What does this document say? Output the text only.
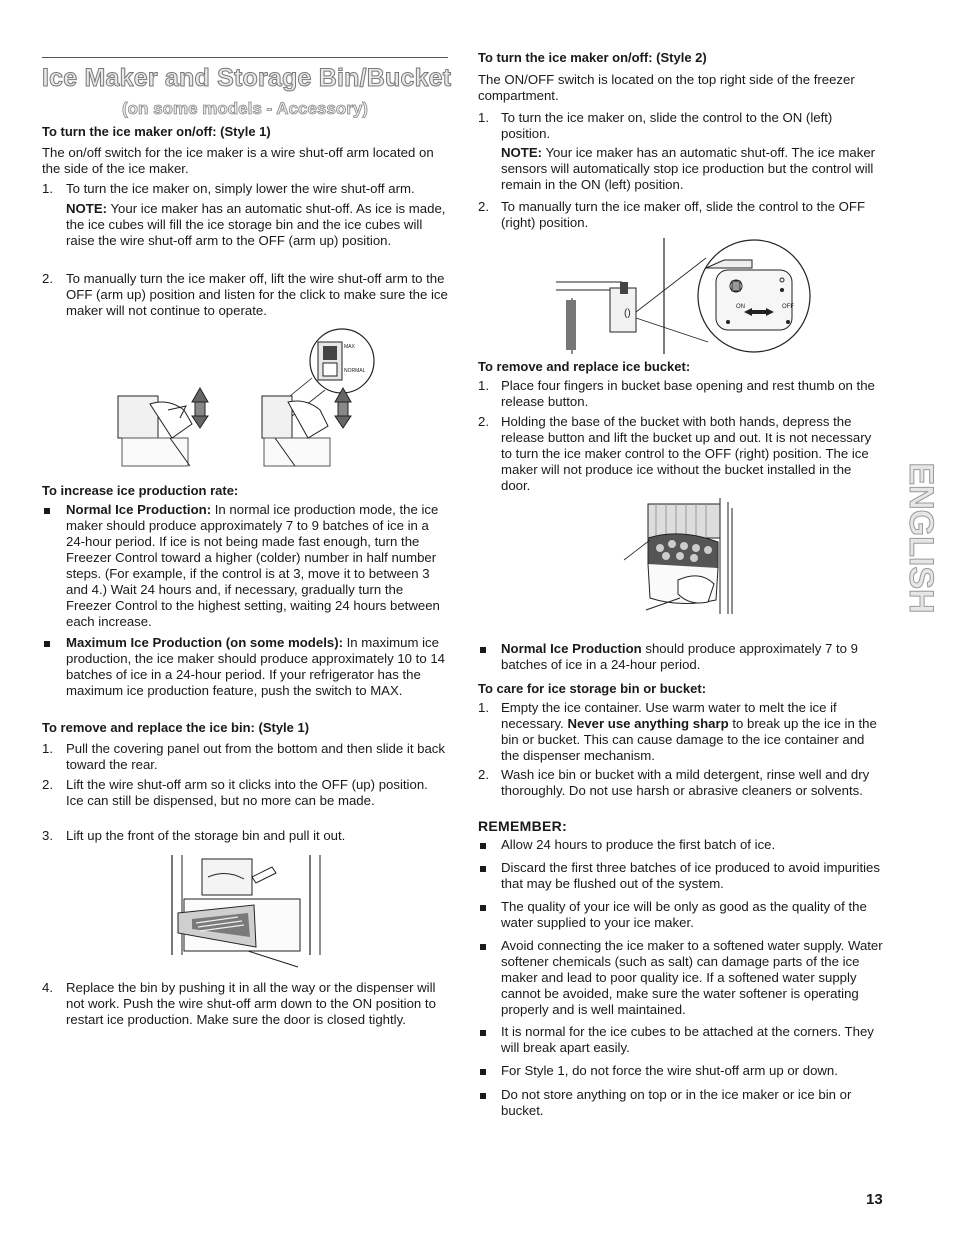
Ice Maker and Storage Bin/Bucket
(on some models - Accessory)
To turn the ice maker on/off: (Style 1)
The on/off switch for the ice maker is a wire shut-off arm located on the side of the ice maker.
1. To turn the ice maker on, simply lower the wire shut-off arm.
NOTE: Your ice maker has an automatic shut-off. As ice is made, the ice cubes will fill the ice storage bin and the ice cubes will raise the wire shut-off arm to the OFF (arm up) position.
2. To manually turn the ice maker off, lift the wire shut-off arm to the OFF (arm up) position and listen for the click to make sure the ice maker will not continue to operate.
MAX
NORMAL
To increase ice production rate:
Normal Ice Production: In normal ice production mode, the ice maker should produce approximately 7 to 9 batches of ice in a 24-hour period. If ice is not being made fast enough, turn the Freezer Control toward a higher (colder) number in half number steps. (For example, if the control is at 3, move it to between 3 and 4.) Wait 24 hours and, if necessary, gradually turn the Freezer Control to the highest setting, waiting 24 hours between each increase.
Maximum Ice Production (on some models): In maximum ice production, the ice maker should produce approximately 10 to 14 batches of ice in a 24-hour period. If your refrigerator has the maximum ice production feature, push the switch to MAX.
To remove and replace the ice bin: (Style 1)
1. Pull the covering panel out from the bottom and then slide it back toward the rear.
2. Lift the wire shut-off arm so it clicks into the OFF (up) position. Ice can still be dispensed, but no more can be made.
3. Lift up the front of the storage bin and pull it out.
4. Replace the bin by pushing it in all the way or the dispenser will not work. Push the wire shut-off arm down to the ON position to restart ice production. Make sure the door is closed tightly.
To turn the ice maker on/off: (Style 2)
The ON/OFF switch is located on the top right side of the freezer compartment.
1. To turn the ice maker on, slide the control to the ON (left) position.
NOTE: Your ice maker has an automatic shut-off. The ice maker sensors will automatically stop ice production but the control will remain in the ON (left) position.
2. To manually turn the ice maker off, slide the control to the OFF (right) position.
()
ON	OFF
To remove and replace ice bucket:
1. Place four fingers in bucket base opening and rest thumb on the release button.
2. Holding the base of the bucket with both hands, depress the release button and lift the bucket up and out. It is not necessary to turn the ice maker control to the OFF (right) position. The ice maker will not produce ice without the bucket installed in the door.
Normal Ice Production should produce approximately 7 to 9 batches of ice in a 24-hour period.
To care for ice storage bin or bucket:
1. Empty the ice container. Use warm water to melt the ice if necessary. Never use anything sharp to break up the ice in the bin or bucket. This can cause damage to the ice container and the dispenser mechanism.
2. Wash ice bin or bucket with a mild detergent, rinse well and dry thoroughly. Do not use harsh or abrasive cleaners or solvents.
REMEMBER:
Allow 24 hours to produce the first batch of ice.
Discard the first three batches of ice produced to avoid impurities that may be flushed out of the system.
The quality of your ice will be only as good as the quality of the water supplied to your ice maker.
Avoid connecting the ice maker to a softened water supply. Water softener chemicals (such as salt) can damage parts of the ice maker and lead to poor quality ice. If a softened water supply cannot be avoided, make sure the water softener is operating properly and is well maintained.
It is normal for the ice cubes to be attached at the corners. They will break apart easily.
For Style 1, do not force the wire shut-off arm up or down.
Do not store anything on top or in the ice maker or ice bin or bucket.
ENGLISH
13
